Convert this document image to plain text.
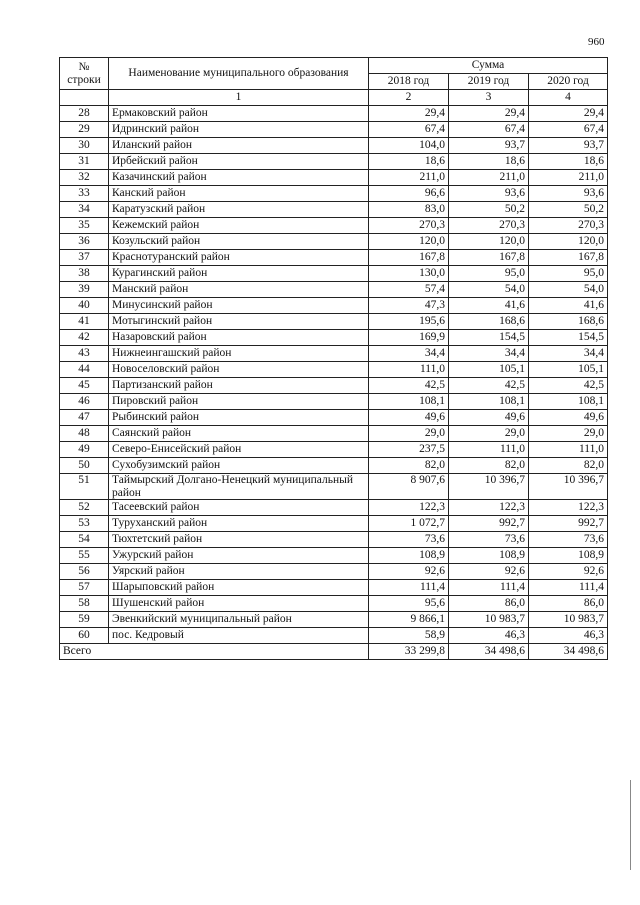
960
№
строки	Наименование муниципального образования	Сумма		
		2018 год	2019 год	2020 год
	1	2	3	4
28	Ермаковский район	29,4	29,4	29,4
29	Идринский район	67,4	67,4	67,4
30	Иланский район	104,0	93,7	93,7
31	Ирбейский район	18,6	18,6	18,6
32	Казачинский район	211,0	211,0	211,0
33	Канский район	96,6	93,6	93,6
34	Каратузский район	83,0	50,2	50,2
35	Кежемский район	270,3	270,3	270,3
36	Козульский район	120,0	120,0	120,0
37	Краснотуранский район	167,8	167,8	167,8
38	Курагинский район	130,0	95,0	95,0
39	Манский район	57,4	54,0	54,0
40	Минусинский район	47,3	41,6	41,6
41	Мотыгинский район	195,6	168,6	168,6
42	Назаровский район	169,9	154,5	154,5
43	Нижнеингашский район	34,4	34,4	34,4
44	Новоселовский район	111,0	105,1	105,1
45	Партизанский район	42,5	42,5	42,5
46	Пировский район	108,1	108,1	108,1
47	Рыбинский район	49,6	49,6	49,6
48	Саянский район	29,0	29,0	29,0
49	Северо-Енисейский район	237,5	111,0	111,0
50	Сухобузимский район	82,0	82,0	82,0
51	Таймырский Долгано-Ненецкий муниципальный район	8 907,6	10 396,7	10 396,7
52	Тасеевский район	122,3	122,3	122,3
53	Туруханский район	1 072,7	992,7	992,7
54	Тюхтетский район	73,6	73,6	73,6
55	Ужурский район	108,9	108,9	108,9
56	Уярский район	92,6	92,6	92,6
57	Шарыповский район	111,4	111,4	111,4
58	Шушенский район	95,6	86,0	86,0
59	Эвенкийский муниципальный район	9 866,1	10 983,7	10 983,7
60	пос. Кедровый	58,9	46,3	46,3
Всего		33 299,8	34 498,6	34 498,6
